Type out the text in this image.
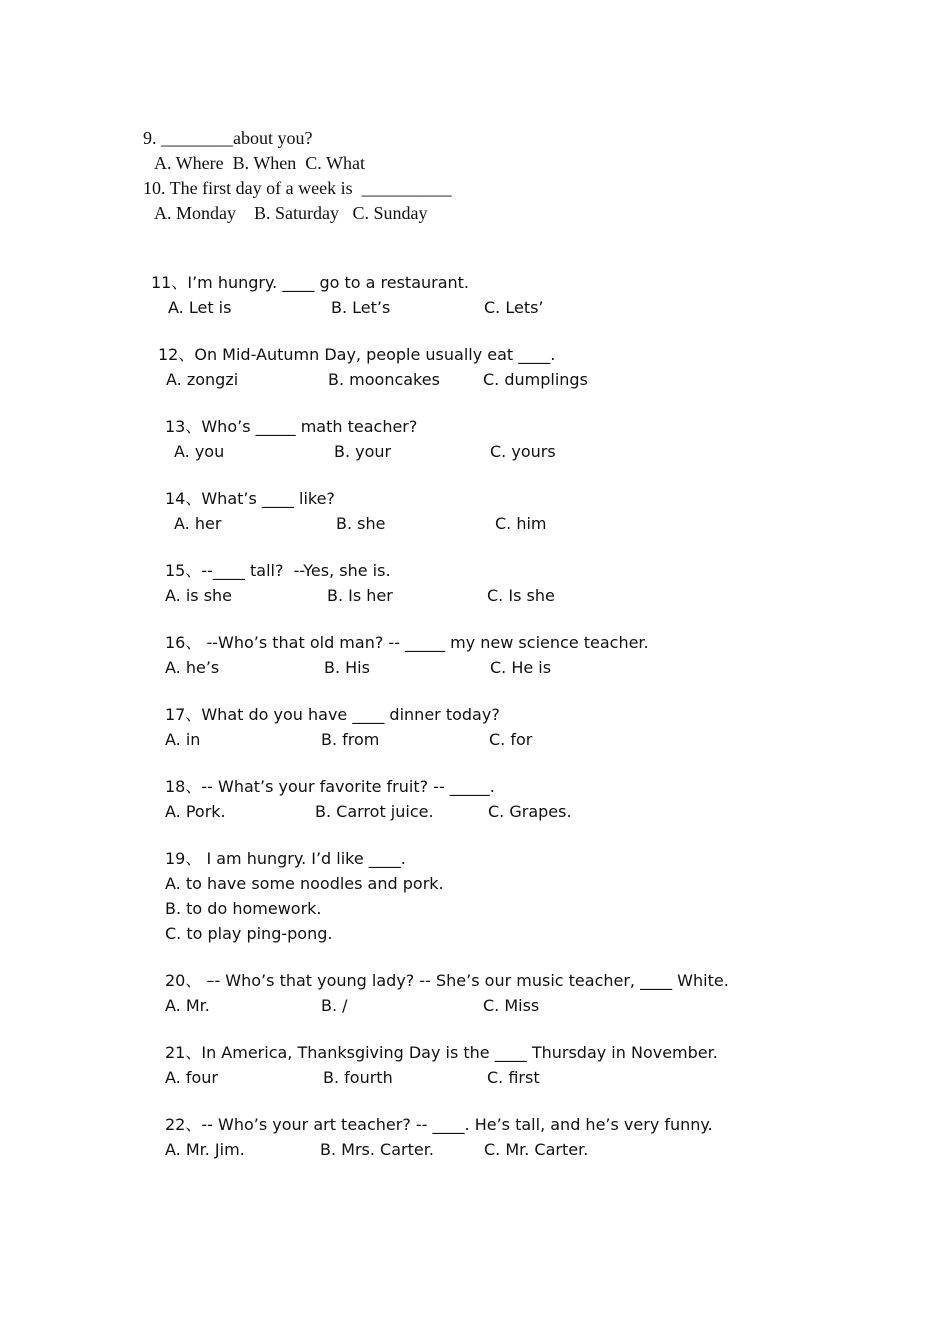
9. ________about you?
A. Where  B. When  C. What
10. The first day of a week is  __________
A. Monday    B. Saturday   C. Sunday
11、I’m hungry. ____ go to a restaurant.
A. Let is	B. Let’s	C. Lets’
12、On Mid-Autumn Day, people usually eat ____.
A. zongzi	B. mooncakes	C. dumplings
13、Who’s _____ math teacher?
A. you	B. your	C. yours
14、What’s ____ like?
A. her	B. she	C. him
15、--____ tall?  --Yes, she is.
A. is she	B. Is her	C. Is she
16、 --Who’s that old man? -- _____ my new science teacher.
A. he’s	B. His	C. He is
17、What do you have ____ dinner today?
A. in	B. from	C. for
18、-- What’s your favorite fruit? -- _____.
A. Pork.	B. Carrot juice.	C. Grapes.
19、 I am hungry. I’d like ____.
A. to have some noodles and pork.
B. to do homework.
C. to play ping-pong.
20、 –- Who’s that young lady? -- She’s our music teacher, ____ White.
A. Mr.	B. /	C. Miss
21、In America, Thanksgiving Day is the ____ Thursday in November.
A. four	B. fourth	C. first
22、-- Who’s your art teacher? -- ____. He’s tall, and he’s very funny.
A. Mr. Jim.	B. Mrs. Carter.	C. Mr. Carter.
